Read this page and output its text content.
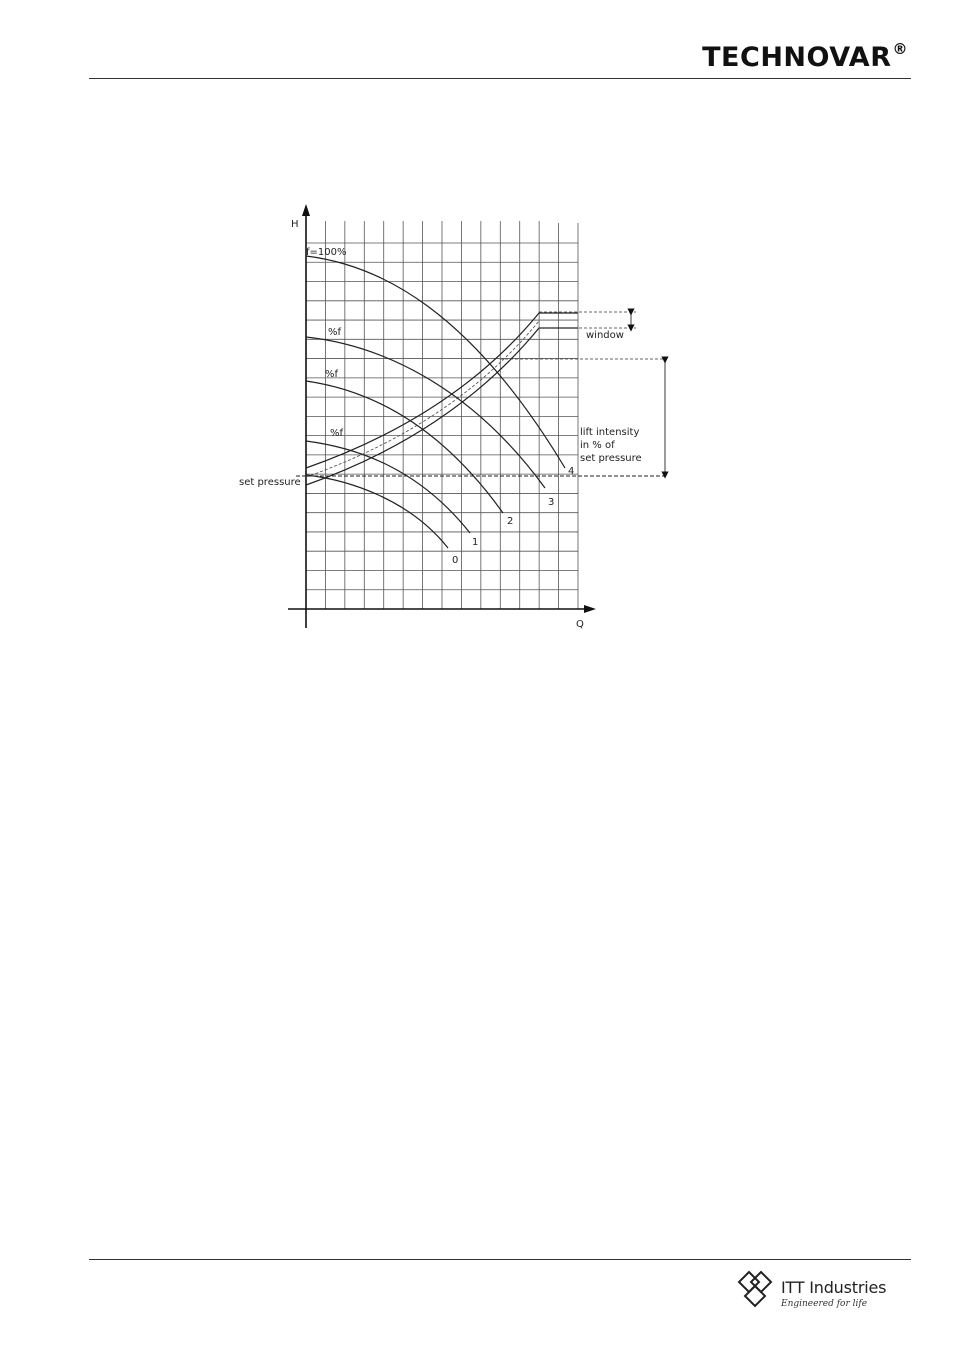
TECHNOVAR®
H
Q
set pressure
window
lift intensity
in % of
set pressure
f=100%
%f
%f
%f
0
1
2
3
4
ITT Industries
Engineered for life
